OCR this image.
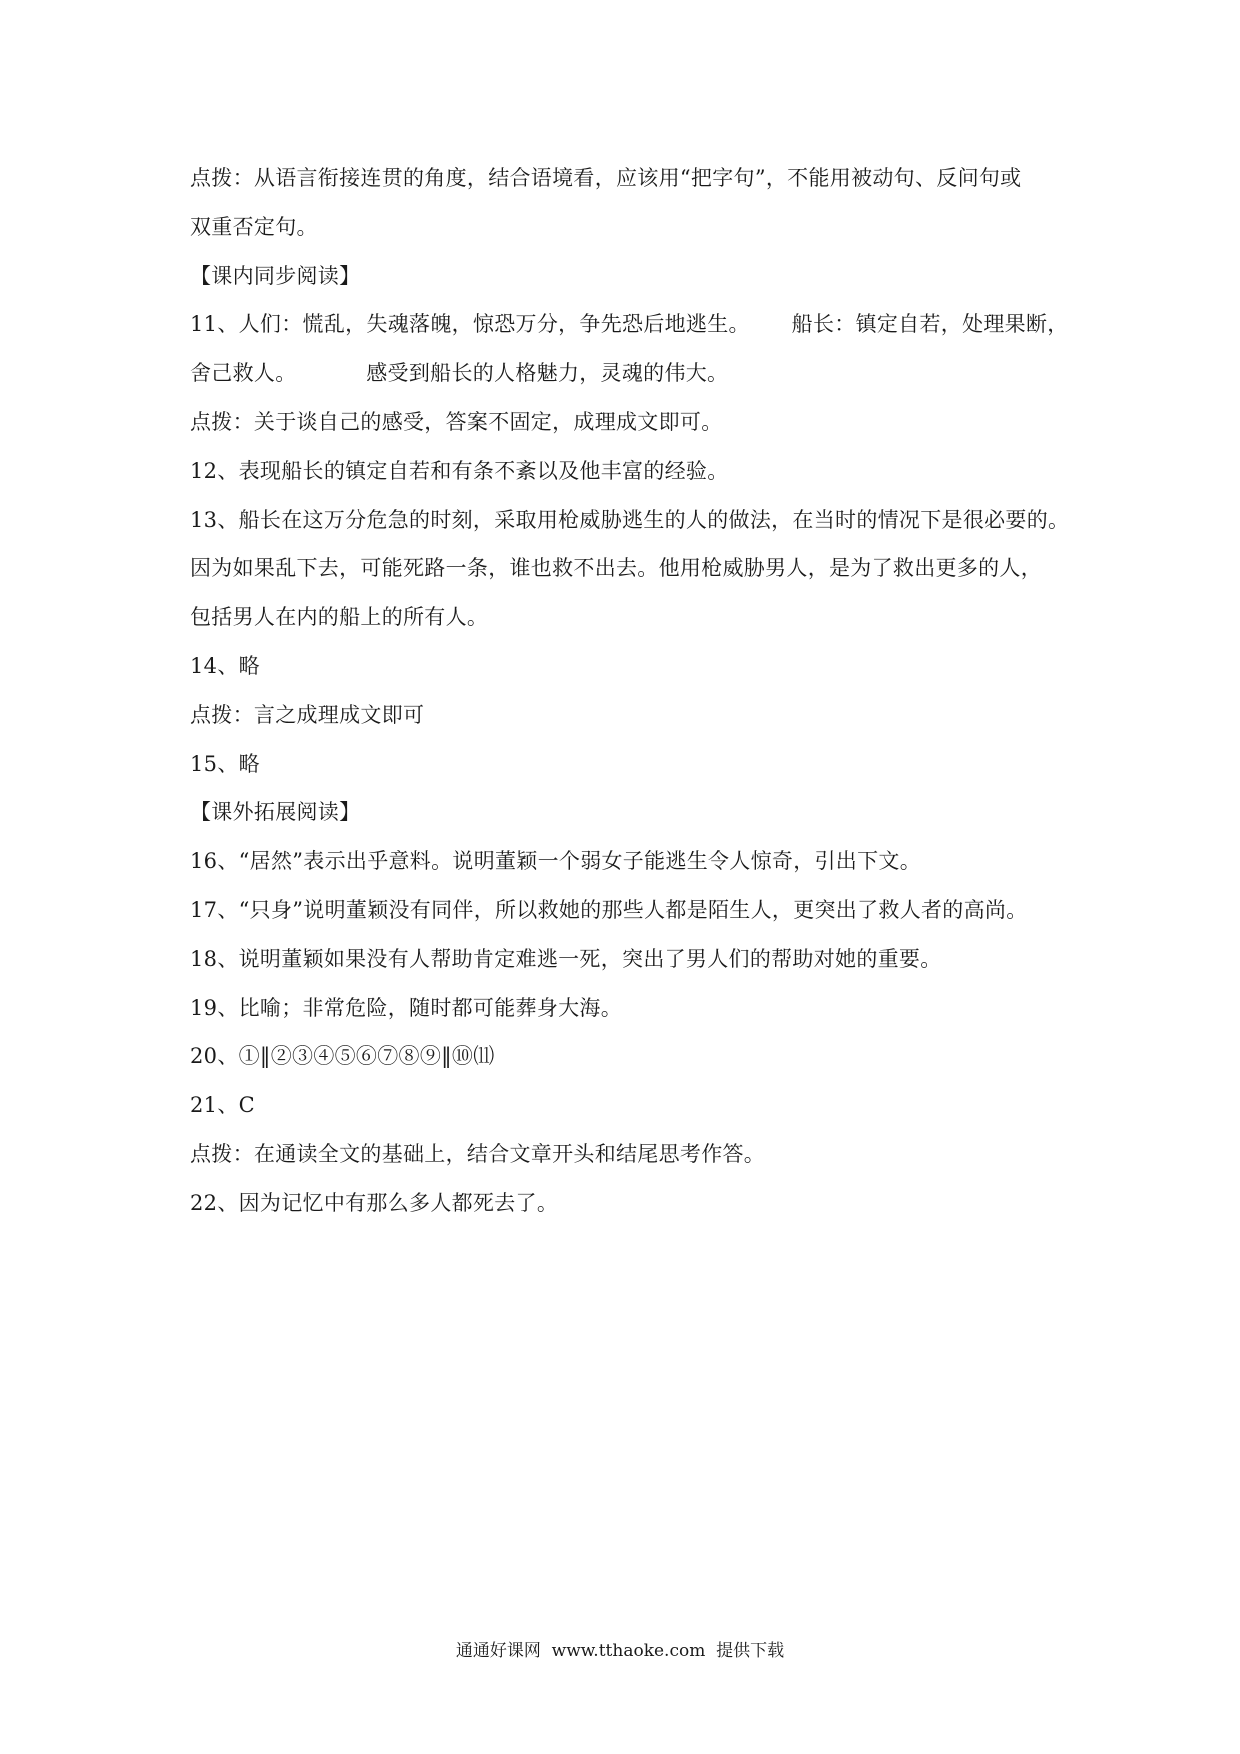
点拨：从语言衔接连贯的角度，结合语境看，应该用“把字句”，不能用被动句、反问句或
双重否定句。
【课内同步阅读】
11、人们：慌乱，失魂落魄，惊恐万分，争先恐后地逃生。      船长：镇定自若，处理果断，
舍己救人。          感受到船长的人格魅力，灵魂的伟大。
点拨：关于谈自己的感受，答案不固定，成理成文即可。
12、表现船长的镇定自若和有条不紊以及他丰富的经验。
13、船长在这万分危急的时刻，采取用枪威胁逃生的人的做法，在当时的情况下是很必要的。
因为如果乱下去，可能死路一条，谁也救不出去。他用枪威胁男人，是为了救出更多的人，
包括男人在内的船上的所有人。
14、略
点拨：言之成理成文即可
15、略
【课外拓展阅读】
16、“居然”表示出乎意料。说明董颖一个弱女子能逃生令人惊奇，引出下文。
17、“只身”说明董颖没有同伴，所以救她的那些人都是陌生人，更突出了救人者的高尚。
18、说明董颖如果没有人帮助肯定难逃一死，突出了男人们的帮助对她的重要。
19、比喻；非常危险，随时都可能葬身大海。
20、①‖②③④⑤⑥⑦⑧⑨‖⑩⑾
21、C
点拨：在通读全文的基础上，结合文章开头和结尾思考作答。
22、因为记忆中有那么多人都死去了。
通通好课网  www.tthaoke.com  提供下载
